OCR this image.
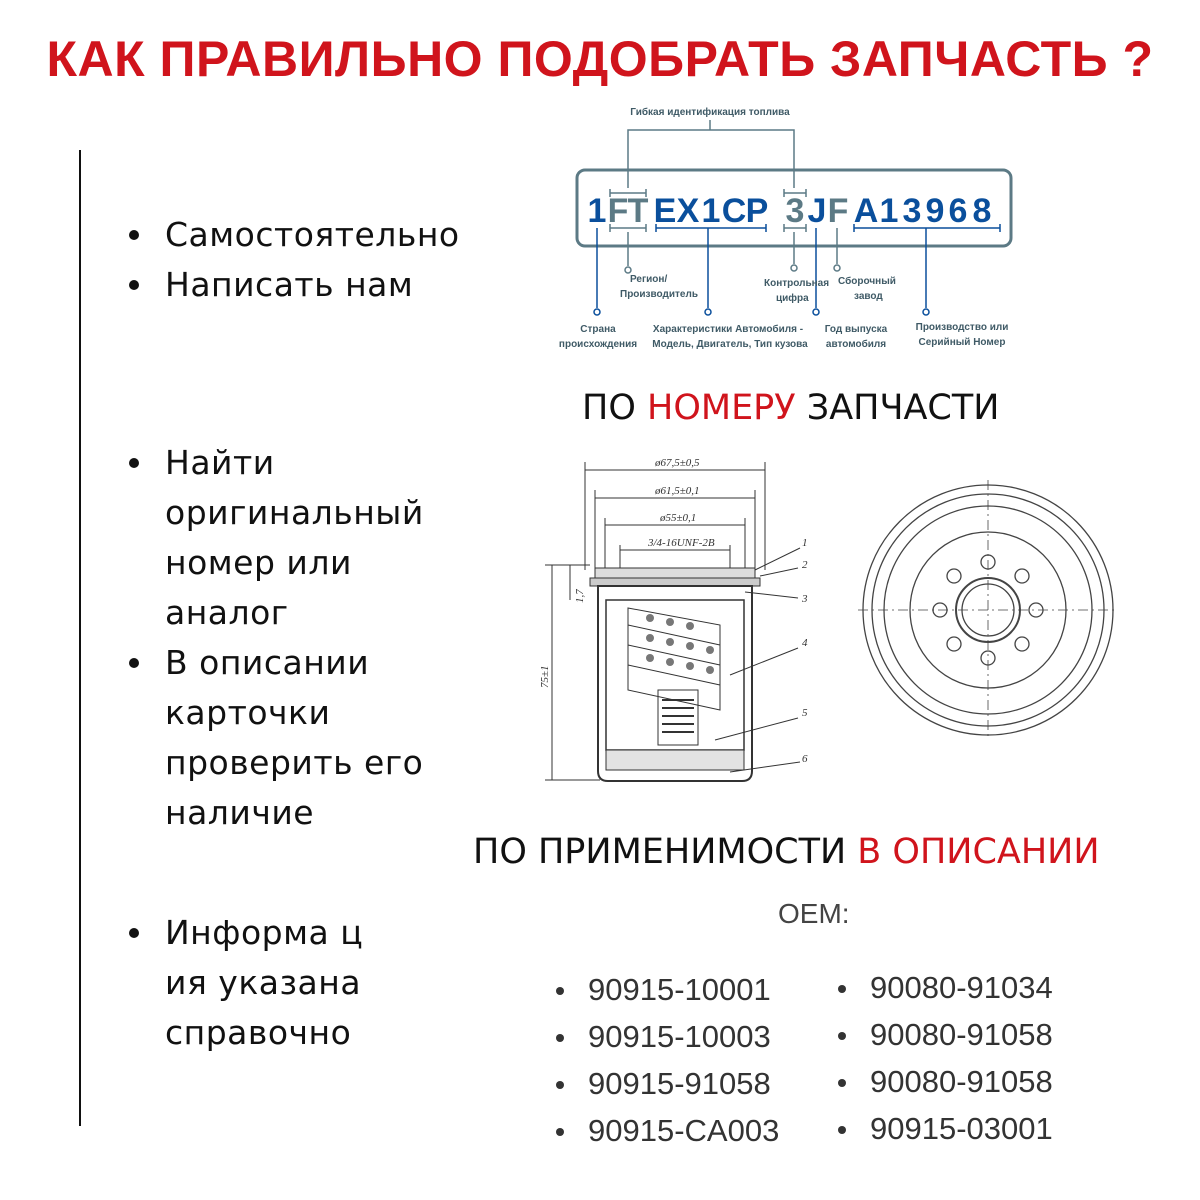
КАК ПРАВИЛЬНО ПОДОБРАТЬ ЗАПЧАСТЬ ?
Самостоятельно
Написать нам
Найти оригинальный номер или аналог
В описании карточки проверить его наличие
Информа ция указана справочно
Гибкая идентификация топлива
1 F T E X 1 C P 3 J F A 1 3 9 6 8
Регион/
Производитель
Контрольная
цифра
Сборочный
завод
Страна
происхождения
Характеристики Автомобиля -
Модель, Двигатель, Тип кузова
Год выпуска
автомобиля
Производство или
Серийный Номер
ПО НОМЕРУ ЗАПЧАСТИ
ø67,5±0,5
ø61,5±0,1
ø55±0,1
3/4-16UNF-2B
75±1
1,7
1
2
3
4
5
6
ПО ПРИМЕНИМОСТИ В ОПИСАНИИ
ОЕМ:
90915-10001
90915-10003
90915-91058
90915-CA003
90080-91034
90080-91058
90080-91058
90915-03001
